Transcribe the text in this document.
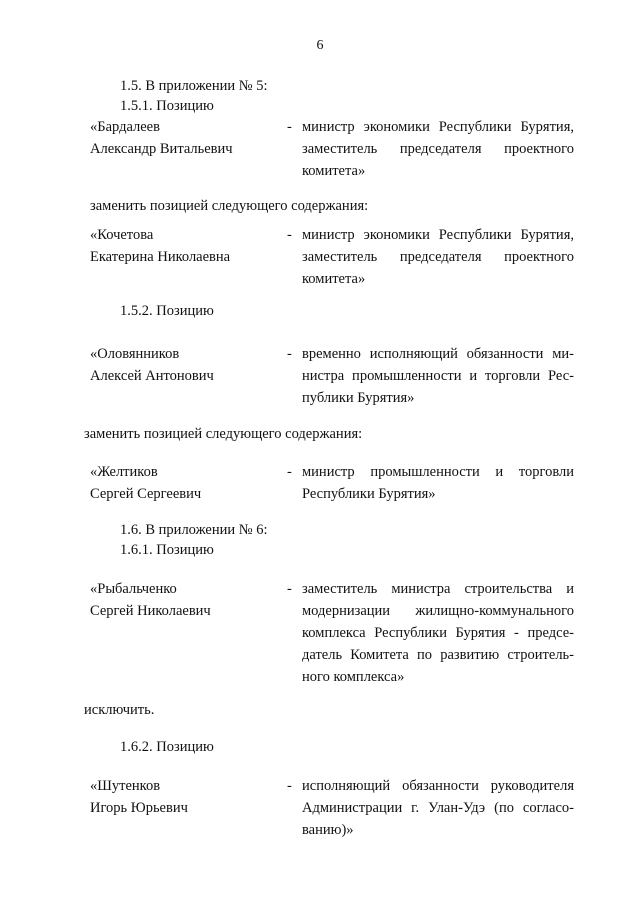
6
1.5. В приложении № 5:
1.5.1. Позицию
«Бардалеев
Александр Витальевич
- министр экономики Республики Бурятия,
заместитель председателя проектного
комитета»
заменить позицией следующего содержания:
«Кочетова
Екатерина Николаевна
- министр экономики Республики Бурятия,
заместитель председателя проектного
комитета»
1.5.2. Позицию
«Оловянников
Алексей Антонович
- временно исполняющий обязанности ми-
нистра промышленности и торговли Рес-
публики Бурятия»
заменить позицией следующего содержания:
«Желтиков
Сергей Сергеевич
- министр промышленности и торговли
Республики Бурятия»
1.6. В приложении № 6:
1.6.1. Позицию
«Рыбальченко
Сергей Николаевич
- заместитель министра строительства и
модернизации жилищно-коммунального
комплекса Республики Бурятия - предсе-
датель Комитета по развитию строитель-
ного комплекса»
исключить.
1.6.2. Позицию
«Шутенков
Игорь Юрьевич
- исполняющий обязанности руководителя
Администрации г. Улан-Удэ (по согласо-
ванию)»
